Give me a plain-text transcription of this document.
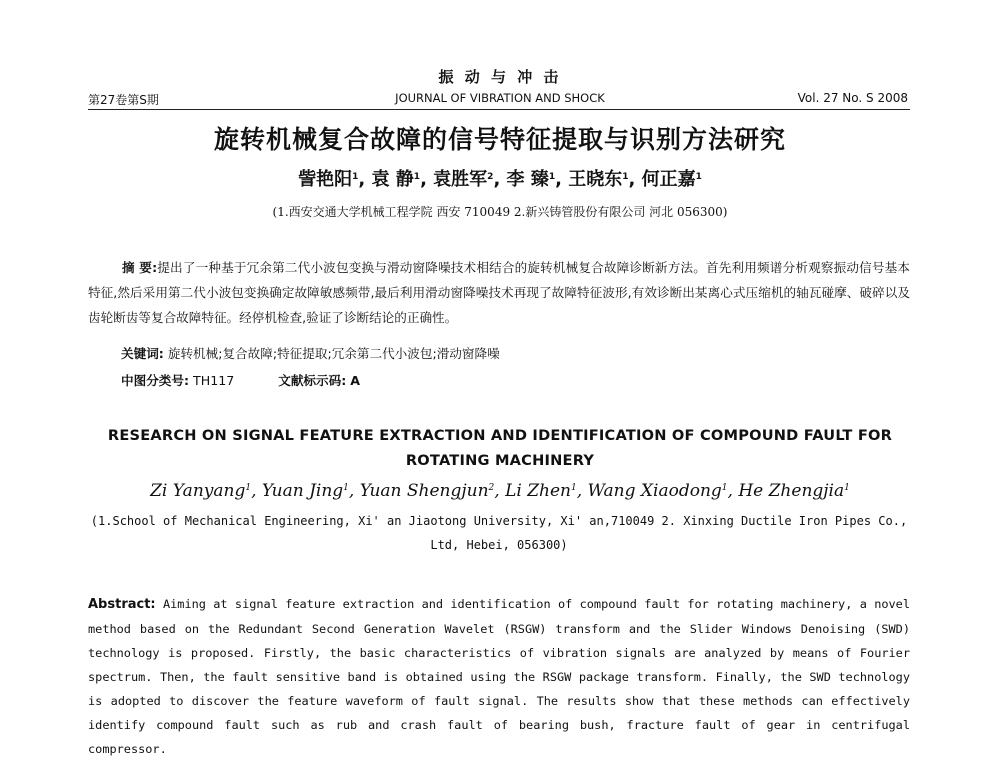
振 动 与 冲 击
第27卷第S期	JOURNAL OF VIBRATION AND SHOCK	Vol. 27 No. S 2008
旋转机械复合故障的信号特征提取与识别方法研究
訾艳阳$^1$, 袁 静$^1$, 袁胜军$^2$, 李 臻$^1$, 王晓东$^1$, 何正嘉$^1$
(1.西安交通大学机械工程学院 西安 710049 2.新兴铸管股份有限公司 河北 056300)
摘 要:提出了一种基于冗余第二代小波包变换与滑动窗降噪技术相结合的旋转机械复合故障诊断新方法。首先利用频谱分析观察振动信号基本特征,然后采用第二代小波包变换确定故障敏感频带,最后利用滑动窗降噪技术再现了故障特征波形,有效诊断出某离心式压缩机的轴瓦碰摩、破碎以及齿轮断齿等复合故障特征。经停机检查,验证了诊断结论的正确性。
关键词: 旋转机械;复合故障;特征提取;冗余第二代小波包;滑动窗降噪
中图分类号: TH117	文献标示码: A
RESEARCH ON SIGNAL FEATURE EXTRACTION AND IDENTIFICATION OF COMPOUND FAULT FOR
ROTATING MACHINERY
Zi Yanyang$^1$, Yuan Jing$^1$, Yuan Shengjun$^2$, Li Zhen$^1$, Wang Xiaodong$^1$, He Zhengjia$^1$
(1.School of Mechanical Engineering, Xi' an Jiaotong University, Xi' an,710049 2. Xinxing Ductile Iron Pipes Co., Ltd, Hebei, 056300)
Abstract: Aiming at signal feature extraction and identification of compound fault for rotating machinery, a novel method based on the Redundant Second Generation Wavelet (RSGW) transform and the Slider Windows Denoising (SWD) technology is proposed. Firstly, the basic characteristics of vibration signals are analyzed by means of Fourier spectrum. Then, the fault sensitive band is obtained using the RSGW package transform. Finally, the SWD technology is adopted to discover the feature waveform of fault signal. The results show that these methods can effectively identify compound fault such as rub and crash fault of bearing bush, fracture fault of gear in centrifugal compressor.
